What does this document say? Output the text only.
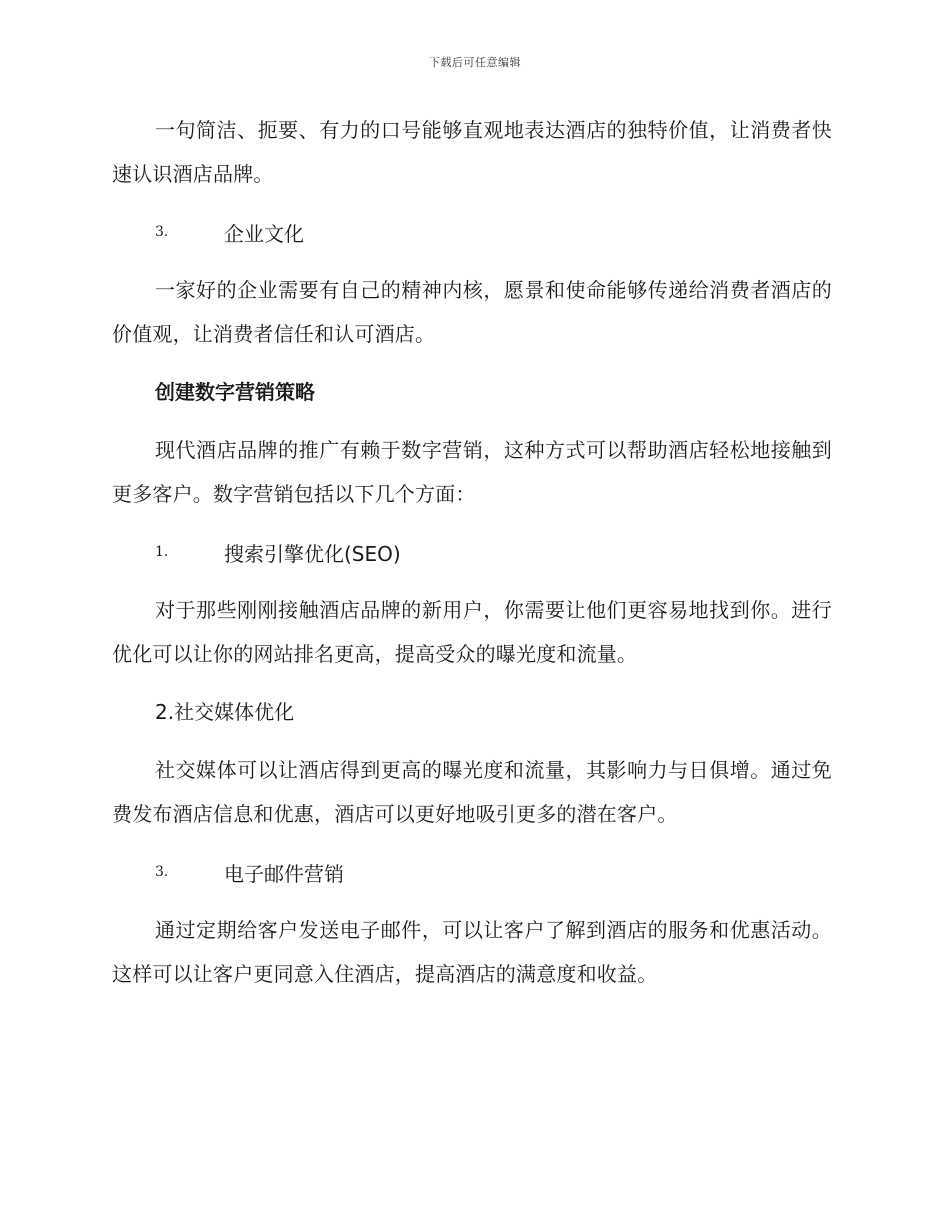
下载后可任意编辑

一句简洁、扼要、有力的口号能够直观地表达酒店的独特价值，让消费者快速认识酒店品牌。

3.	企业文化

一家好的企业需要有自己的精神内核，愿景和使命能够传递给消费者酒店的价值观，让消费者信任和认可酒店。

创建数字营销策略

现代酒店品牌的推广有赖于数字营销，这种方式可以帮助酒店轻松地接触到更多客户。数字营销包括以下几个方面：

1.	搜索引擎优化(SEO)

对于那些刚刚接触酒店品牌的新用户，你需要让他们更容易地找到你。进行优化可以让你的网站排名更高，提高受众的曝光度和流量。

2.社交媒体优化

社交媒体可以让酒店得到更高的曝光度和流量，其影响力与日俱增。通过免费发布酒店信息和优惠，酒店可以更好地吸引更多的潜在客户。

3.	电子邮件营销

通过定期给客户发送电子邮件，可以让客户了解到酒店的服务和优惠活动。这样可以让客户更同意入住酒店，提高酒店的满意度和收益。
